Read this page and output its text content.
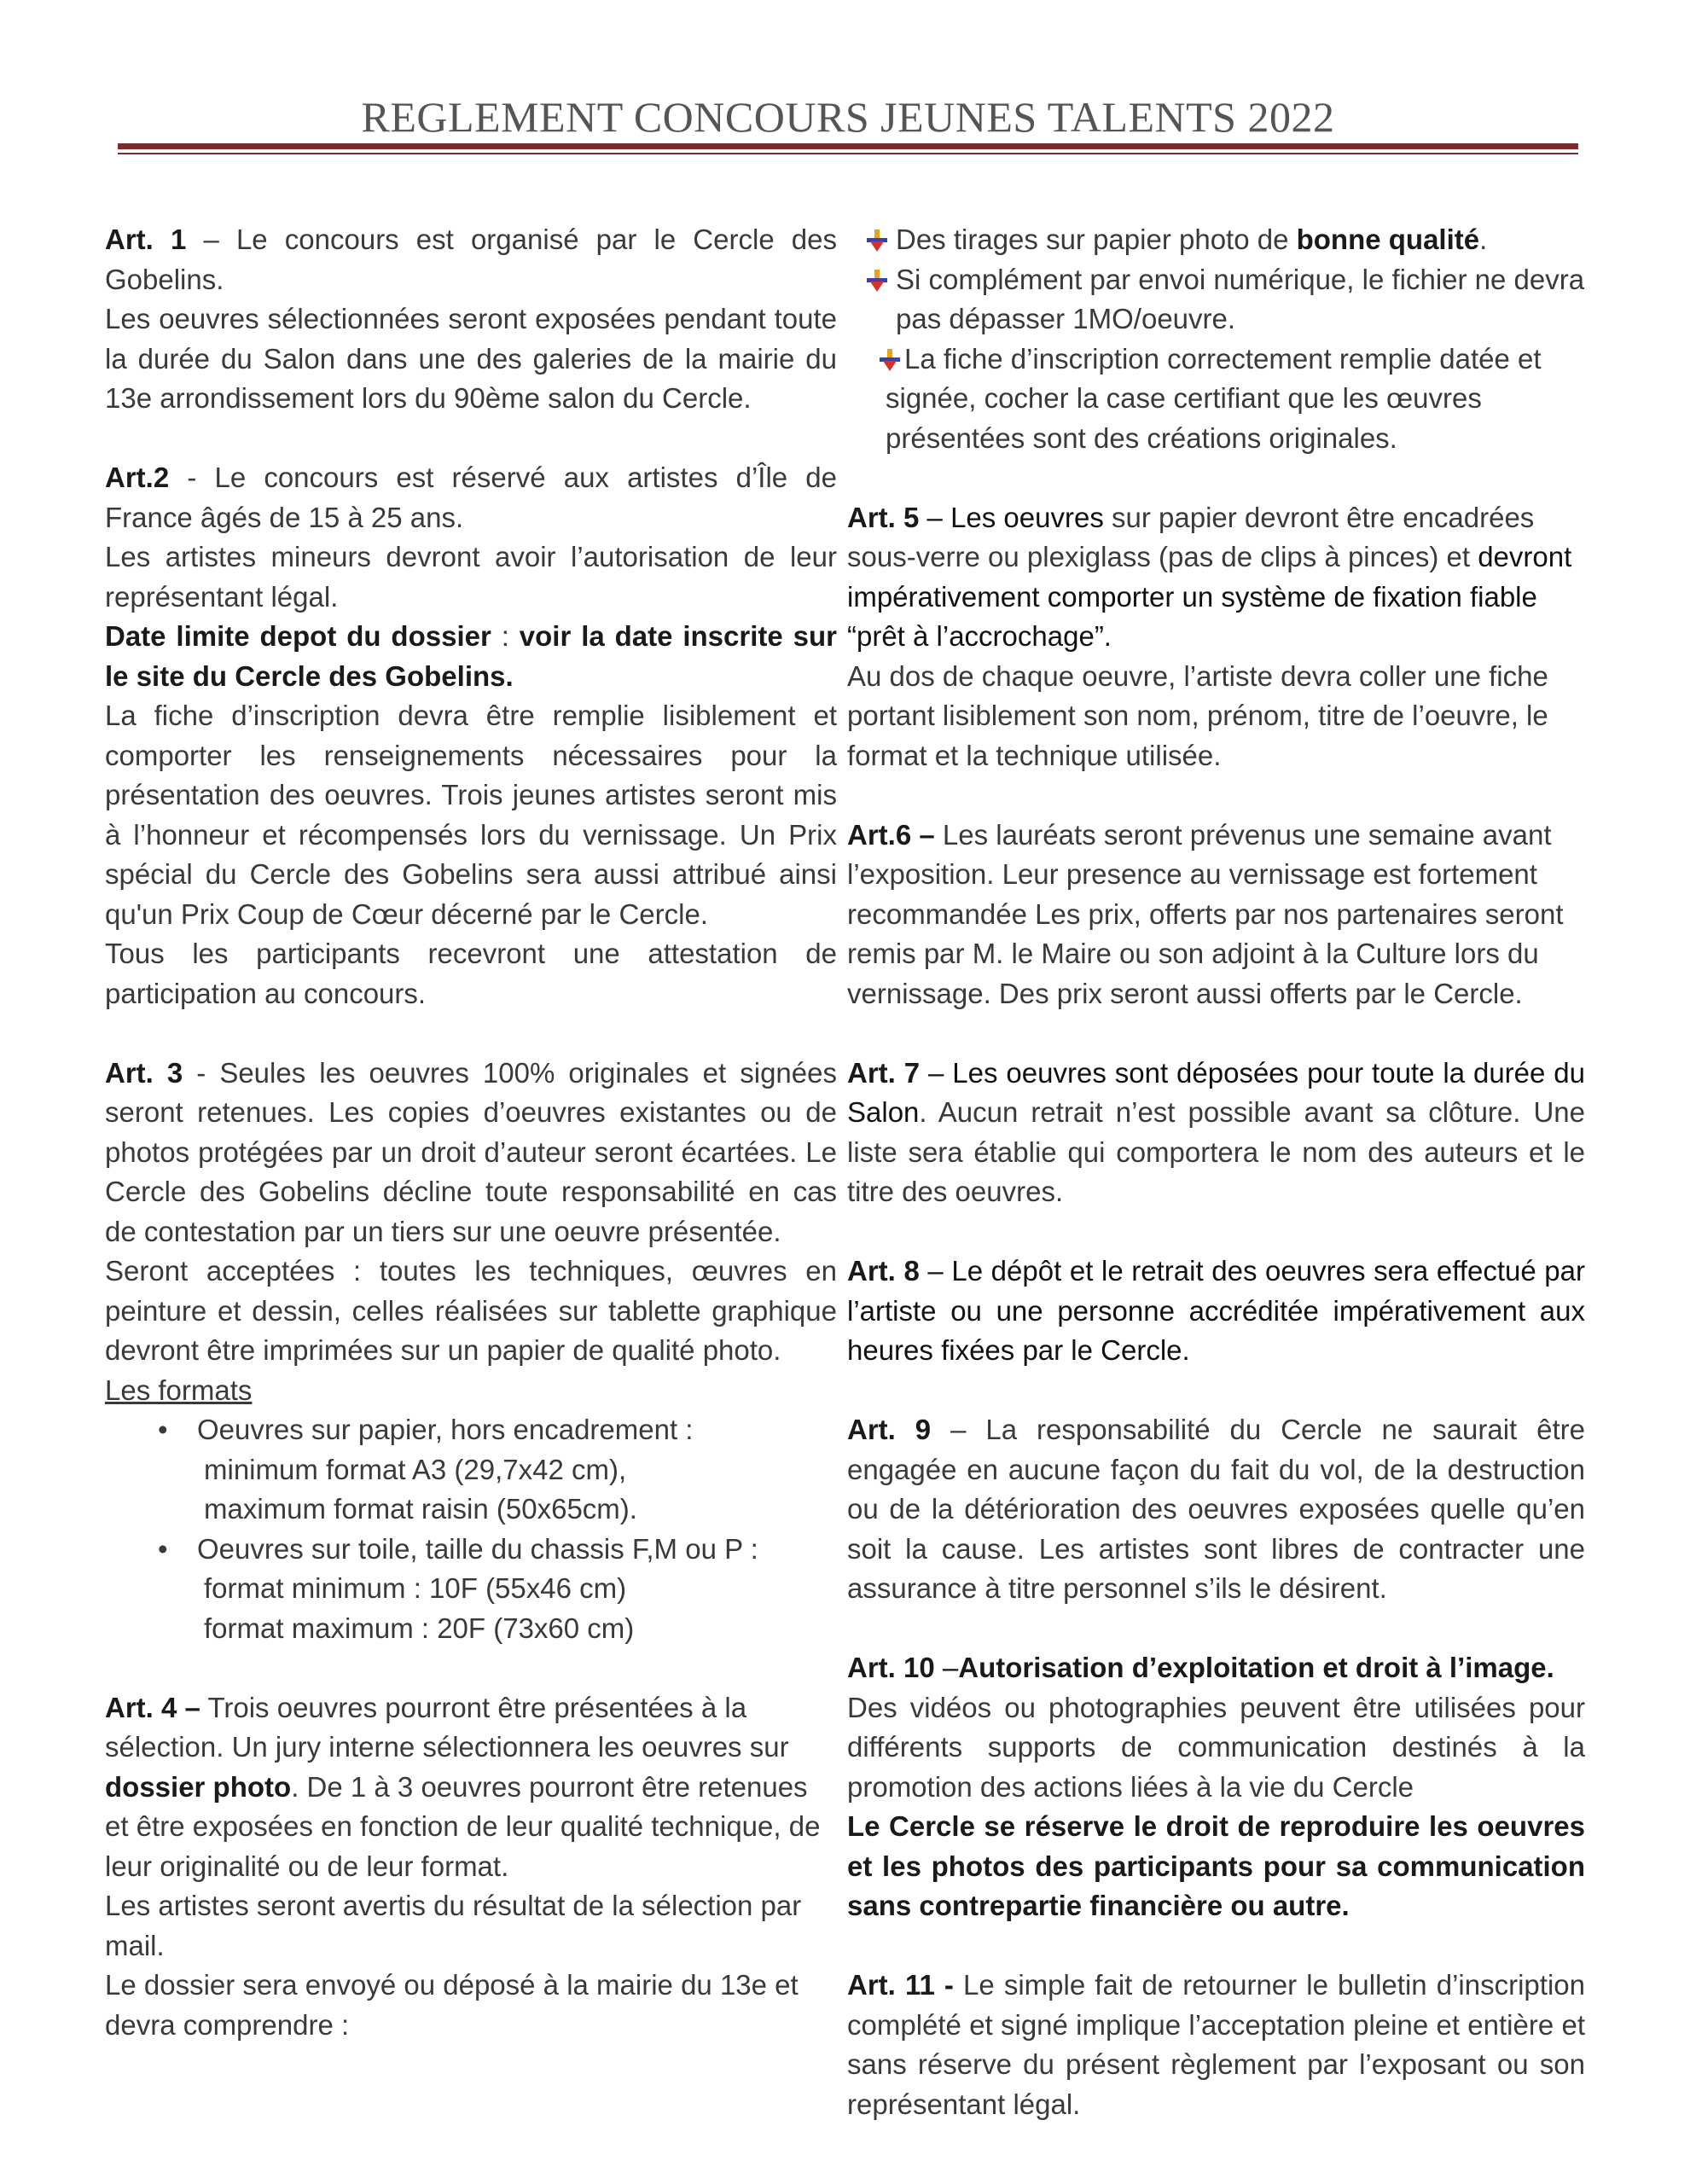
REGLEMENT CONCOURS JEUNES TALENTS 2022

Art. 1 – Le concours est organisé par le Cercle des Gobelins.

Les oeuvres sélectionnées seront exposées pendant toute la durée du Salon dans une des galeries de la mairie du 13e arrondissement lors du 90ème salon du Cercle.

Art.2 - Le concours est réservé aux artistes d’Île de France âgés de 15 à 25 ans.

Les artistes mineurs devront avoir l’autorisation de leur représentant légal.

Date limite depot du dossier : voir la date inscrite sur le site du Cercle des Gobelins.

La fiche d’inscription devra être remplie lisiblement et comporter les renseignements nécessaires pour la présentation des oeuvres. Trois jeunes artistes seront mis à l’honneur et récompensés lors du vernissage. Un Prix spécial du Cercle des Gobelins sera aussi attribué ainsi qu'un Prix Coup de Cœur décerné par le Cercle.

Tous les participants recevront une attestation de participation au concours.

Art. 3 - Seules les oeuvres 100% originales et signées seront retenues. Les copies d’oeuvres existantes ou de photos protégées par un droit d’auteur seront écartées. Le Cercle des Gobelins décline toute responsabilité en cas de contestation par un tiers sur une oeuvre présentée.

Seront acceptées : toutes les techniques, œuvres en peinture et dessin, celles réalisées sur tablette graphique devront être imprimées sur un papier de qualité photo.

Les formats

• Oeuvres sur papier, hors encadrement :
minimum format A3 (29,7x42 cm),
maximum format raisin (50x65cm).
• Oeuvres sur toile, taille du chassis F,M ou P :
format minimum : 10F (55x46 cm)
format maximum : 20F (73x60 cm)

Art. 4 – Trois oeuvres pourront être présentées à la sélection. Un jury interne sélectionnera les oeuvres sur dossier photo. De 1 à 3 oeuvres pourront être retenues et être exposées en fonction de leur qualité technique, de leur originalité ou de leur format.

Les artistes seront avertis du résultat de la sélection par mail.

Le dossier sera envoyé ou déposé à la mairie du 13e et devra comprendre :

Des tirages sur papier photo de bonne qualité.
Si complément par envoi numérique, le fichier ne devra pas dépasser 1MO/oeuvre.
La fiche d’inscription correctement remplie datée et signée, cocher la case certifiant que les œuvres présentées sont des créations originales.

Art. 5 – Les oeuvres sur papier devront être encadrées sous-verre ou plexiglass (pas de clips à pinces) et devront impérativement comporter un système de fixation fiable “prêt à l’accrochage”.

Au dos de chaque oeuvre, l’artiste devra coller une fiche portant lisiblement son nom, prénom, titre de l’oeuvre, le format et la technique utilisée.

Art.6 – Les lauréats seront prévenus une semaine avant l’exposition. Leur presence au vernissage est fortement recommandée Les prix, offerts par nos partenaires seront remis par M. le Maire ou son adjoint à la Culture lors du vernissage. Des prix seront aussi offerts par le Cercle.

Art. 7 – Les oeuvres sont déposées pour toute la durée du Salon. Aucun retrait n’est possible avant sa clôture. Une liste sera établie qui comportera le nom des auteurs et le titre des oeuvres.

Art. 8 – Le dépôt et le retrait des oeuvres sera effectué par l’artiste ou une personne accréditée impérativement aux heures fixées par le Cercle.

Art. 9 – La responsabilité du Cercle ne saurait être engagée en aucune façon du fait du vol, de la destruction ou de la détérioration des oeuvres exposées quelle qu’en soit la cause. Les artistes sont libres de contracter une assurance à titre personnel s’ils le désirent.

Art. 10 –Autorisation d’exploitation et droit à l’image.

Des vidéos ou photographies peuvent être utilisées pour différents supports de communication destinés à la promotion des actions liées à la vie du Cercle

Le Cercle se réserve le droit de reproduire les oeuvres et les photos des participants pour sa communication sans contrepartie financière ou autre.

Art. 11 - Le simple fait de retourner le bulletin d’inscription complété et signé implique l’acceptation pleine et entière et sans réserve du présent règlement par l’exposant ou son représentant légal.
